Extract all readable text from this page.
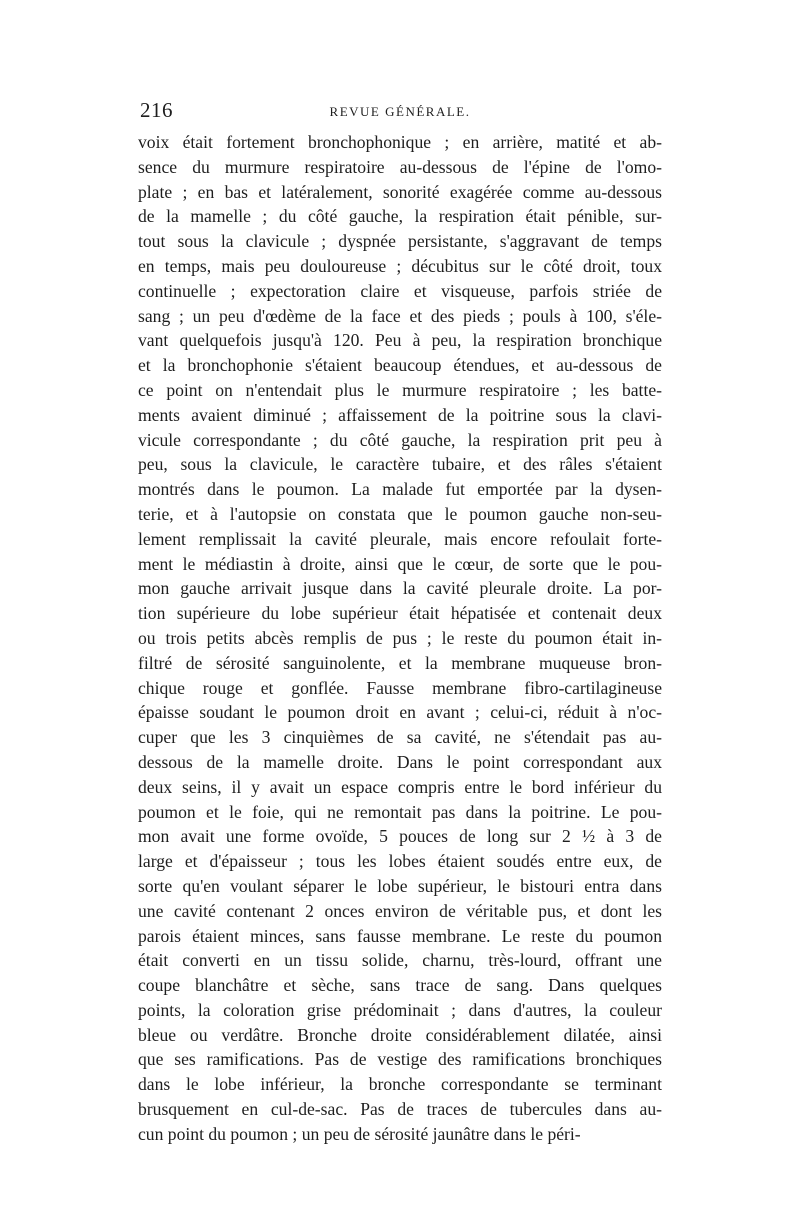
216	REVUE GÉNÉRALE.
voix était fortement bronchophonique ; en arrière, matité et ab-
sence du murmure respiratoire au-dessous de l'épine de l'omo-
plate ; en bas et latéralement, sonorité exagérée comme au-dessous
de la mamelle ; du côté gauche, la respiration était pénible, sur-
tout sous la clavicule ; dyspnée persistante, s'aggravant de temps
en temps, mais peu douloureuse ; décubitus sur le côté droit, toux
continuelle ; expectoration claire et visqueuse, parfois striée de
sang ; un peu d'œdème de la face et des pieds ; pouls à 100, s'éle-
vant quelquefois jusqu'à 120. Peu à peu, la respiration bronchique
et la bronchophonie s'étaient beaucoup étendues, et au-dessous de
ce point on n'entendait plus le murmure respiratoire ; les batte-
ments avaient diminué ; affaissement de la poitrine sous la clavi-
vicule correspondante ; du côté gauche, la respiration prit peu à
peu, sous la clavicule, le caractère tubaire, et des râles s'étaient
montrés dans le poumon. La malade fut emportée par la dysen-
terie, et à l'autopsie on constata que le poumon gauche non-seu-
lement remplissait la cavité pleurale, mais encore refoulait forte-
ment le médiastin à droite, ainsi que le cœur, de sorte que le pou-
mon gauche arrivait jusque dans la cavité pleurale droite. La por-
tion supérieure du lobe supérieur était hépatisée et contenait deux
ou trois petits abcès remplis de pus ; le reste du poumon était in-
filtré de sérosité sanguinolente, et la membrane muqueuse bron-
chique rouge et gonflée. Fausse membrane fibro-cartilagineuse
épaisse soudant le poumon droit en avant ; celui-ci, réduit à n'oc-
cuper que les 3 cinquièmes de sa cavité, ne s'étendait pas au-
dessous de la mamelle droite. Dans le point correspondant aux
deux seins, il y avait un espace compris entre le bord inférieur du
poumon et le foie, qui ne remontait pas dans la poitrine. Le pou-
mon avait une forme ovoïde, 5 pouces de long sur 2 ½ à 3 de
large et d'épaisseur ; tous les lobes étaient soudés entre eux, de
sorte qu'en voulant séparer le lobe supérieur, le bistouri entra dans
une cavité contenant 2 onces environ de véritable pus, et dont les
parois étaient minces, sans fausse membrane. Le reste du poumon
était converti en un tissu solide, charnu, très-lourd, offrant une
coupe blanchâtre et sèche, sans trace de sang. Dans quelques
points, la coloration grise prédominait ; dans d'autres, la couleur
bleue ou verdâtre. Bronche droite considérablement dilatée, ainsi
que ses ramifications. Pas de vestige des ramifications bronchiques
dans le lobe inférieur, la bronche correspondante se terminant
brusquement en cul-de-sac. Pas de traces de tubercules dans au-
cun point du poumon ; un peu de sérosité jaunâtre dans le péri-
